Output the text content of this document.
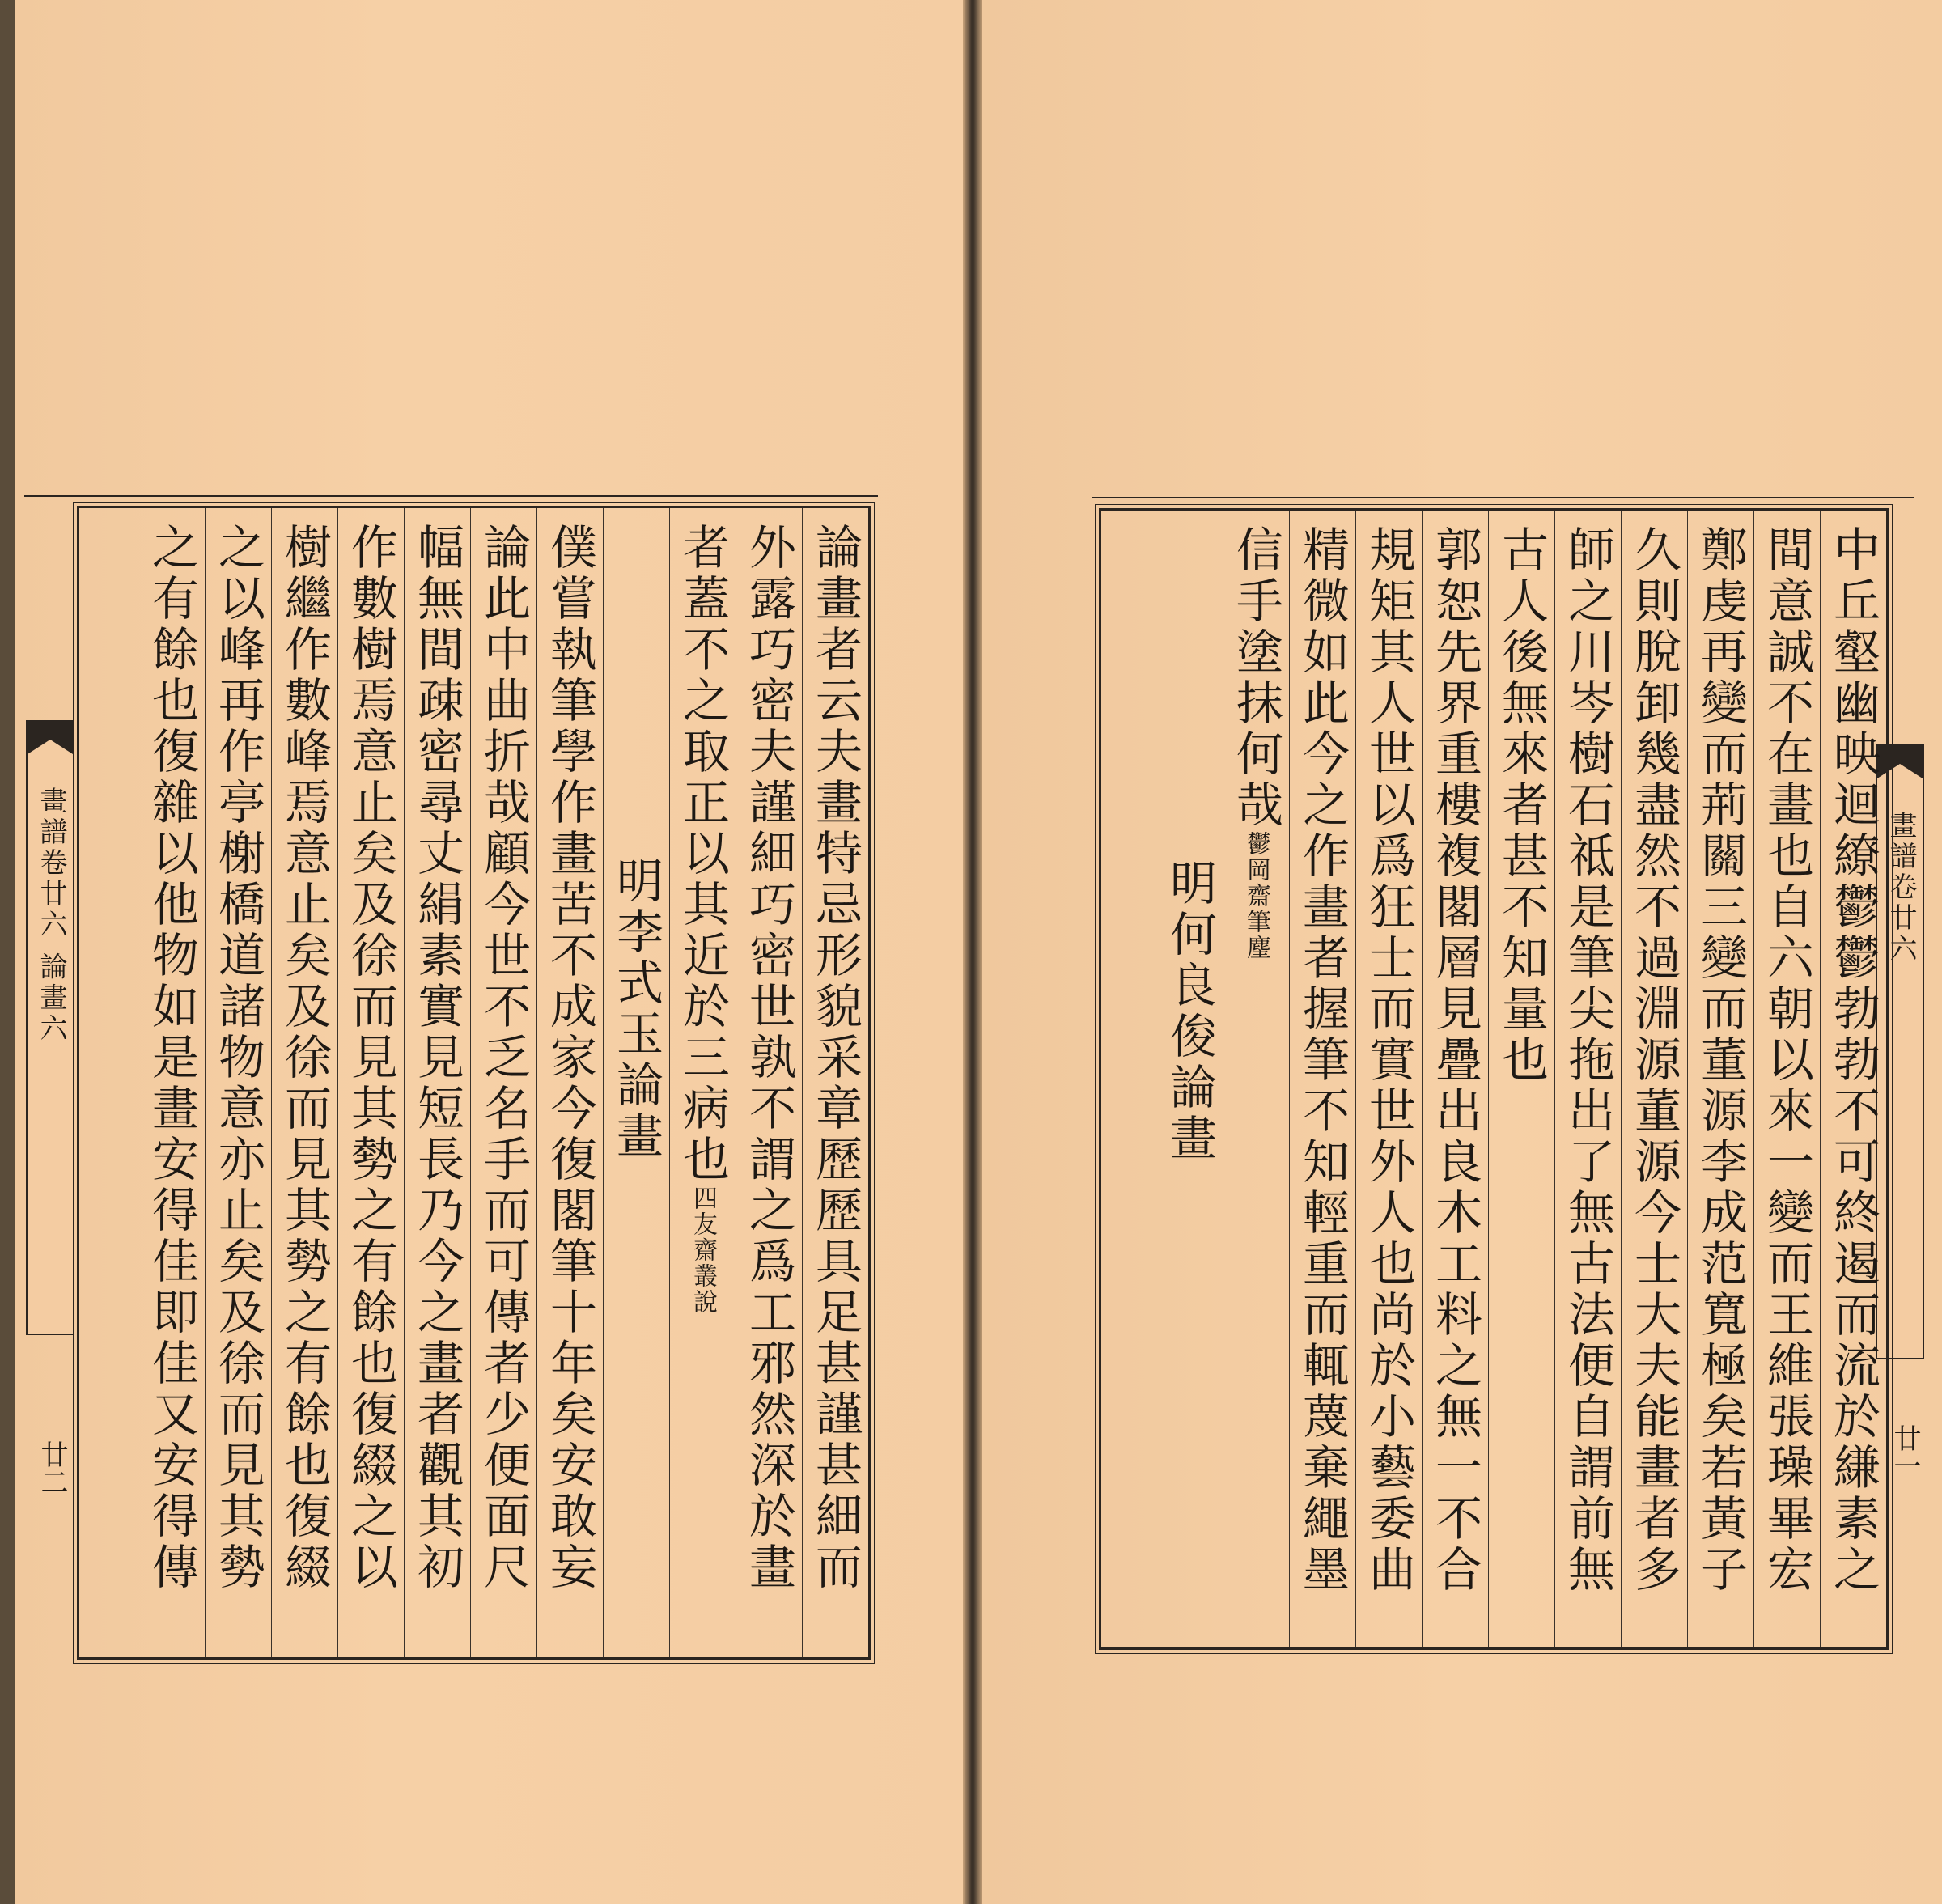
畫譜卷廿六 論畫六
廿二
畫譜卷廿六
廿一
論畫者云夫畫特忌形貌采章歷歷具足甚謹甚細而
外露巧密夫謹細巧密世孰不謂之爲工邪然深於畫
者蓋不之取正以其近於三病也四友齋叢說
明李式玉論畫
僕嘗執筆學作畫苦不成家今復閣筆十年矣安敢妄
論此中曲折哉顧今世不乏名手而可傳者少便面尺
幅無間疎密尋丈絹素實見短長乃今之畫者觀其初
作數樹焉意止矣及徐而見其勢之有餘也復綴之以
樹繼作數峰焉意止矣及徐而見其勢之有餘也復綴
之以峰再作亭榭橋道諸物意亦止矣及徐而見其勢
之有餘也復雜以他物如是畫安得佳即佳又安得傳	中丘壑幽映迴繚鬱鬱勃勃不可終遏而流於縑素之
間意誠不在畫也自六朝以來一變而王維張璪畢宏
鄭虔再變而荊關三變而董源李成范寬極矣若黃子
久則脫卸幾盡然不過淵源董源今士大夫能畫者多
師之川岑樹石祗是筆尖拖出了無古法便自謂前無
古人後無來者甚不知量也
郭恕先界重樓複閣層見疊出良木工料之無一不合
規矩其人世以爲狂士而實世外人也尚於小藝委曲
精微如此今之作畫者握筆不知輕重而輒蔑棄繩墨
信手塗抹何哉鬱岡齋筆麈
明何良俊論畫
